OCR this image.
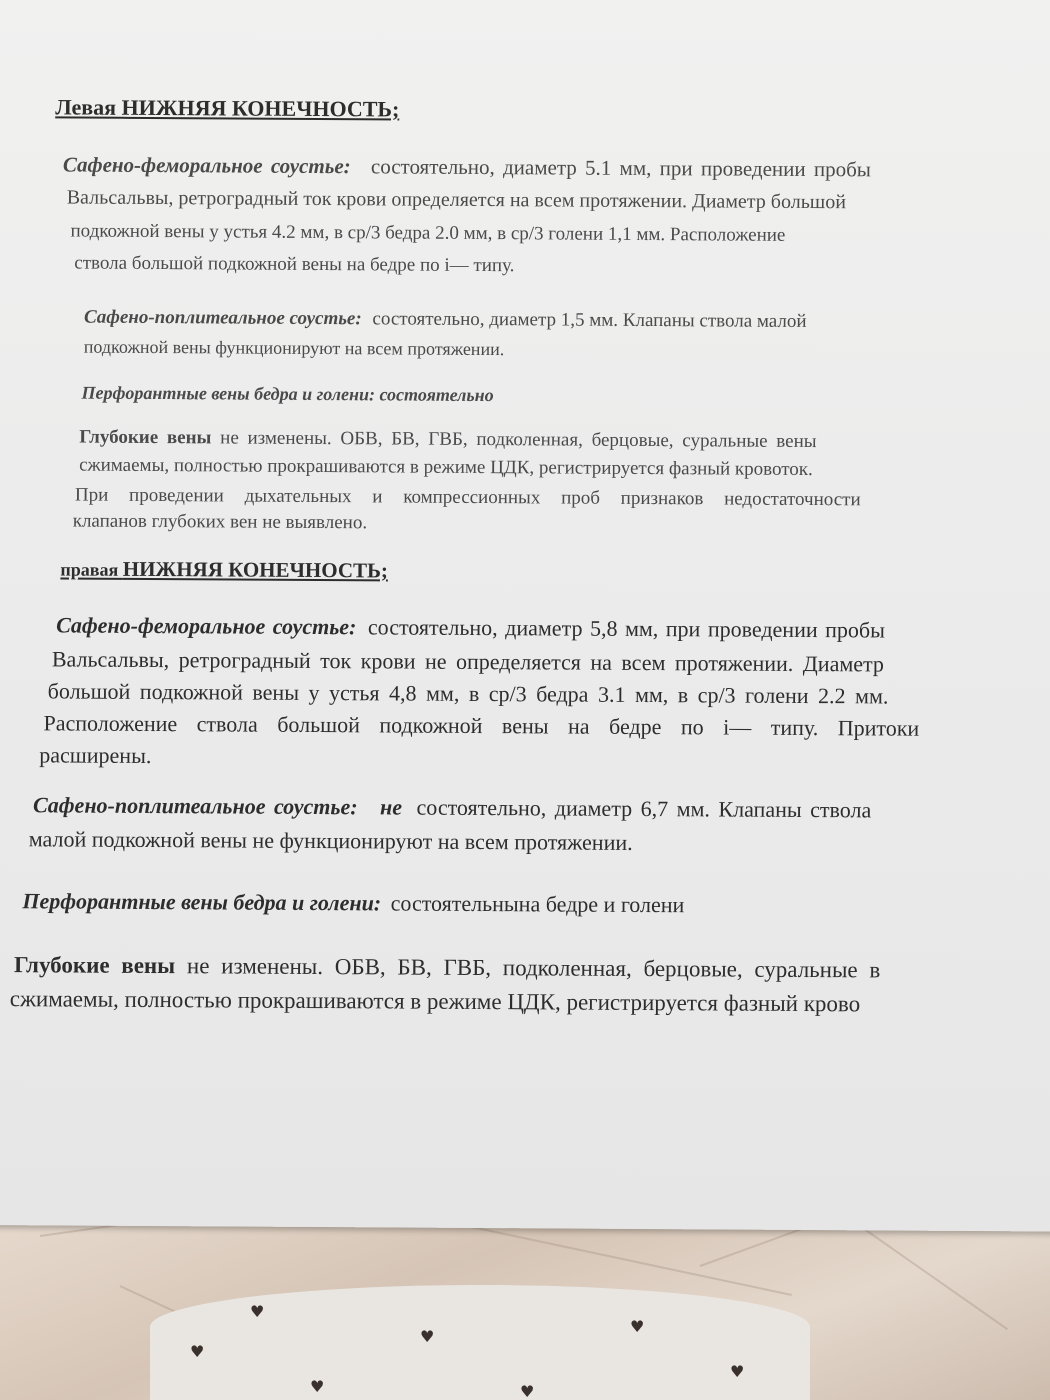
♥
♥
♥
♥
♥
♥
♥
Левая НИЖНЯЯ КОНЕЧНОСТЬ;
Сафено-феморальное соустье: состоятельно, диаметр 5.1 мм, при проведении пробы
Вальсальвы, ретроградный ток крови определяется на всем протяжении. Диаметр большой
подкожной вены у устья 4.2 мм, в ср/3 бедра 2.0 мм, в ср/3 голени 1,1 мм. Расположение
ствола большой подкожной вены на бедре по i— типу.
Сафено-поплитеальное соустье: состоятельно, диаметр 1,5 мм. Клапаны ствола малой
подкожной вены функционируют на всем протяжении.
Перфорантные вены бедра и голени: состоятельно
Глубокие вены не изменены. ОБВ, БВ, ГВБ, подколенная, берцовые, суральные вены
сжимаемы, полностью прокрашиваются в режиме ЦДК, регистрируется фазный кровоток.
При проведении дыхательных и компрессионных проб признаков недостаточности
клапанов глубоких вен не выявлено.
правая НИЖНЯЯ КОНЕЧНОСТЬ;
Сафено-феморальное соустье: состоятельно, диаметр 5,8 мм, при проведении пробы
Вальсальвы, ретроградный ток крови не определяется на всем протяжении. Диаметр
большой подкожной вены у устья 4,8 мм, в ср/3 бедра 3.1 мм, в ср/3 голени 2.2 мм.
Расположение ствола большой подкожной вены на бедре по i— типу. Притоки
расширены.
Сафено-поплитеальное соустье: не состоятельно, диаметр 6,7 мм. Клапаны ствола
малой подкожной вены не функционируют на всем протяжении.
Перфорантные вены бедра и голени: состоятельнына бедре и голени
Глубокие вены не изменены. ОБВ, БВ, ГВБ, подколенная, берцовые, суральные в
сжимаемы, полностью прокрашиваются в режиме ЦДК, регистрируется фазный крово
